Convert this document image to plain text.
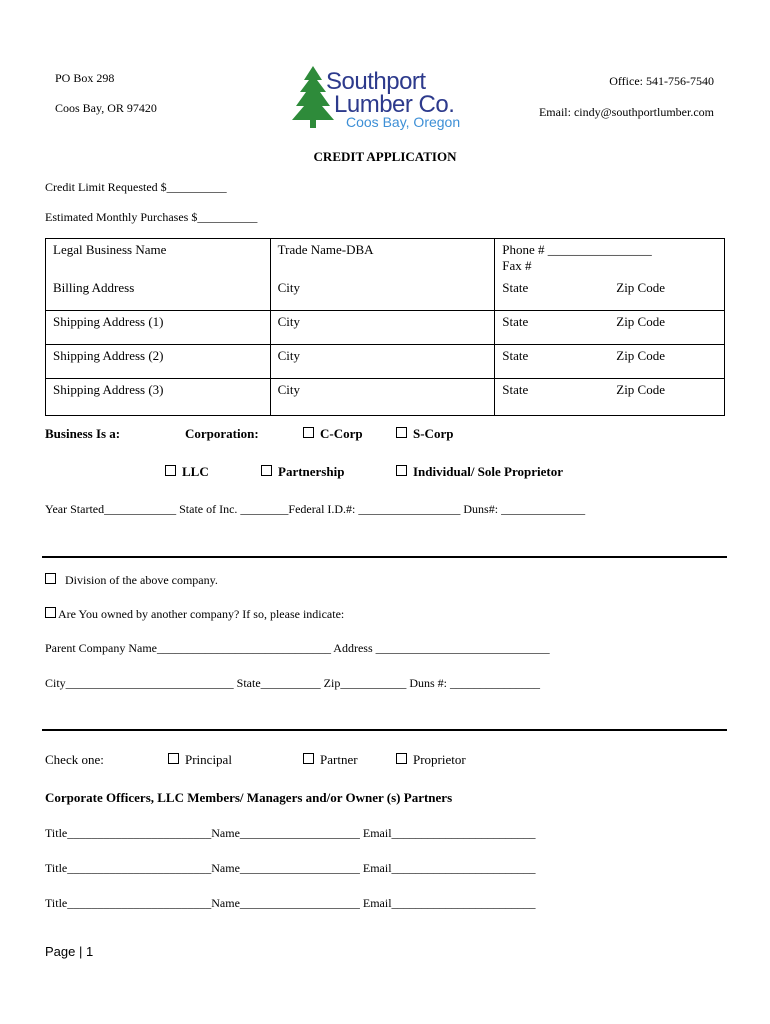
PO Box 298
Coos Bay, OR 97420
Office: 541-756-7540
Email: cindy@southportlumber.com
Southport
Lumber Co.
Coos Bay, Oregon
CREDIT APPLICATION
Credit Limit Requested $__________
Estimated Monthly Purchases $__________
Legal Business Name	Trade Name-DBA	Phone # ________________
Fax #

Billing Address	City	State Zip Code

Shipping Address (1)	City	State Zip Code

Shipping Address (2)	City	State Zip Code

Shipping Address (3)	City	State Zip Code
Business Is a:	Corporation:	C-Corp	S-Corp
LLC	Partnership	Individual/ Sole Proprietor
Year Started____________ State of Inc. ________Federal I.D.#: _________________ Duns#: ______________
Division of the above company.
Are You owned by another company? If so, please indicate:
Parent Company Name_____________________________ Address _____________________________
City____________________________ State__________ Zip___________ Duns #: _______________
Check one:	Principal	Partner	Proprietor
Corporate Officers, LLC Members/ Managers and/or Owner (s) Partners
Title________________________Name____________________ Email________________________
Title________________________Name____________________ Email________________________
Title________________________Name____________________ Email________________________
Page | 1
